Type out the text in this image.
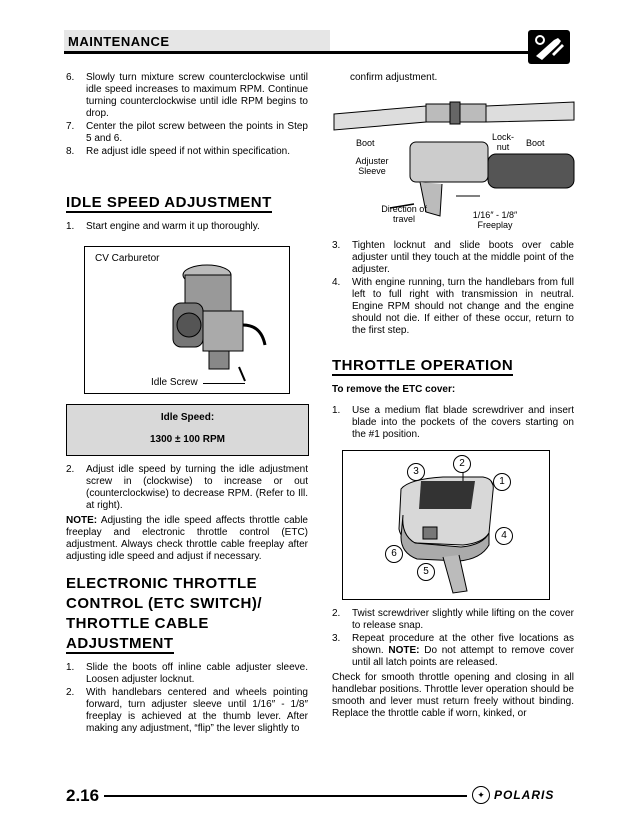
MAINTENANCE
6. Slowly turn mixture screw counterclockwise until idle speed increases to maximum RPM. Continue turning counterclockwise until idle RPM begins to drop.
7. Center the pilot screw between the points in Step 5 and 6.
8. Re adjust idle speed if not within specification.
IDLE SPEED ADJUSTMENT
1. Start engine and warm it up thoroughly.
CV Carburetor
Idle Screw
Idle Speed:
1300 ± 100 RPM
2. Adjust idle speed by turning the idle adjustment screw in (clockwise) to increase or out (counterclockwise) to decrease RPM. (Refer to Ill. at right).
NOTE: Adjusting the idle speed affects throttle cable freeplay and electronic throttle control (ETC) adjustment. Always check throttle cable freeplay after adjusting idle speed and adjust if necessary.
ELECTRONIC THROTTLE
CONTROL (ETC SWITCH)/
THROTTLE CABLE
ADJUSTMENT
1. Slide the boots off inline cable adjuster sleeve. Loosen adjuster locknut.
2. With handlebars centered and wheels pointing forward, turn adjuster sleeve until 1/16″ - 1/8″ freeplay is achieved at the thumb lever. After making any adjustment, “flip” the lever slightly to
confirm adjustment.
Boot
Adjuster Sleeve
Lock-nut	Boot
Direction of travel	1/16″ - 1/8″ Freeplay
3. Tighten locknut and slide boots over cable adjuster until they touch at the middle point of the adjuster.
4. With engine running, turn the handlebars from full left to full right with transmission in neutral. Engine RPM should not change and the engine should not die. If either of these occur, return to the first step.
THROTTLE OPERATION
To remove the ETC cover:
1. Use a medium flat blade screwdriver and insert blade into the pockets of the covers starting on the #1 position.
3
2
1
4
6
5
2. Twist screwdriver slightly while lifting on the cover to release snap.
3. Repeat procedure at the other five locations as shown. NOTE: Do not attempt to remove cover until all latch points are released.
Check for smooth throttle opening and closing in all handlebar positions. Throttle lever operation should be smooth and lever must return freely without binding. Replace the throttle cable if worn, kinked, or
2.16	✦ POLARIS
